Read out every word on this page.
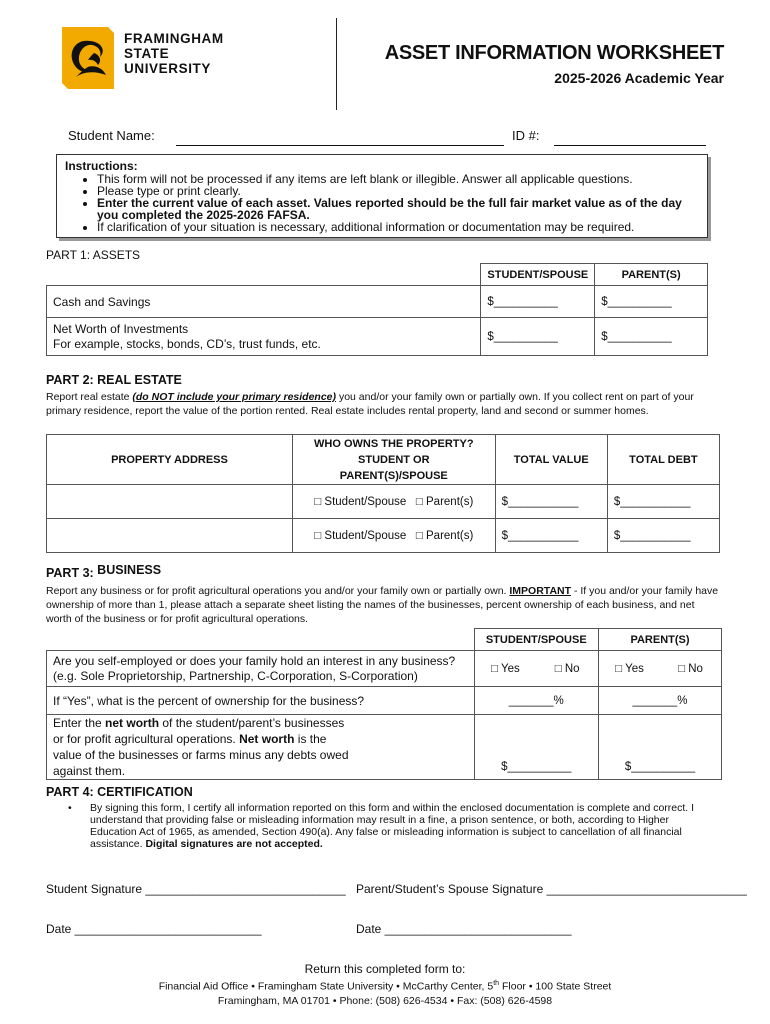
FRAMINGHAM
STATE
UNIVERSITY
ASSET INFORMATION WORKSHEET
2025-2026 Academic Year
Student Name:	ID #:
Instructions:
• This form will not be processed if any items are left blank or illegible. Answer all applicable questions.
• Please type or print clearly.
• Enter the current value of each asset. Values reported should be the full fair market value as of the day you completed the 2025-2026 FAFSA.
• If clarification of your situation is necessary, additional information or documentation may be required.
PART 1: ASSETS
	STUDENT/SPOUSE	PARENT(S)
Cash and Savings	$__________	$__________

Net Worth of Investments
For example, stocks, bonds, CD’s, trust funds, etc.	$__________	$__________
PART 2: REAL ESTATE
Report real estate (do NOT include your primary residence) you and/or your family own or partially own. If you collect rent on part of your primary residence, report the value of the portion rented. Real estate includes rental property, land and second or summer homes.
PROPERTY ADDRESS	WHO OWNS THE PROPERTY?
STUDENT OR
PARENT(S)/SPOUSE	TOTAL VALUE	TOTAL DEBT
	□ Student/Spouse □ Parent(s)	$___________	$___________
	□ Student/Spouse □ Parent(s)	$___________	$___________
PART 3: BUSINESS
Report any business or for profit agricultural operations you and/or your family own or partially own. IMPORTANT - If you and/or your family have ownership of more than 1, please attach a separate sheet listing the names of the businesses, percent ownership of each business, and net worth of the business or for profit agricultural operations.
	STUDENT/SPOUSE		PARENT(S)	

Are you self-employed or does your family hold an interest in any business?
(e.g. Sole Proprietorship, Partnership, C-Corporation, S-Corporation)	□ Yes	□ No	□ Yes	□ No
If “Yes”, what is the percent of ownership for the business?	_______%		_______%	
Enter the net worth of the student/parent’s businesses or for profit agricultural operations. Net worth is the value of the businesses or farms minus any debts owed against them.	$__________		$__________	
PART 4: CERTIFICATION
• By signing this form, I certify all information reported on this form and within the enclosed documentation is complete and correct. I understand that providing false or misleading information may result in a fine, a prison sentence, or both, according to Higher Education Act of 1965, as amended, Section 490(a). Any false or misleading information is subject to cancellation of all financial assistance. Digital signatures are not accepted.
Student Signature ______________________________ Parent/Student’s Spouse Signature ______________________________
Date ____________________________	Date ____________________________
Return this completed form to:
Financial Aid Office • Framingham State University • McCarthy Center, 5th Floor • 100 State Street
Framingham, MA 01701 • Phone: (508) 626-4534 • Fax: (508) 626-4598
